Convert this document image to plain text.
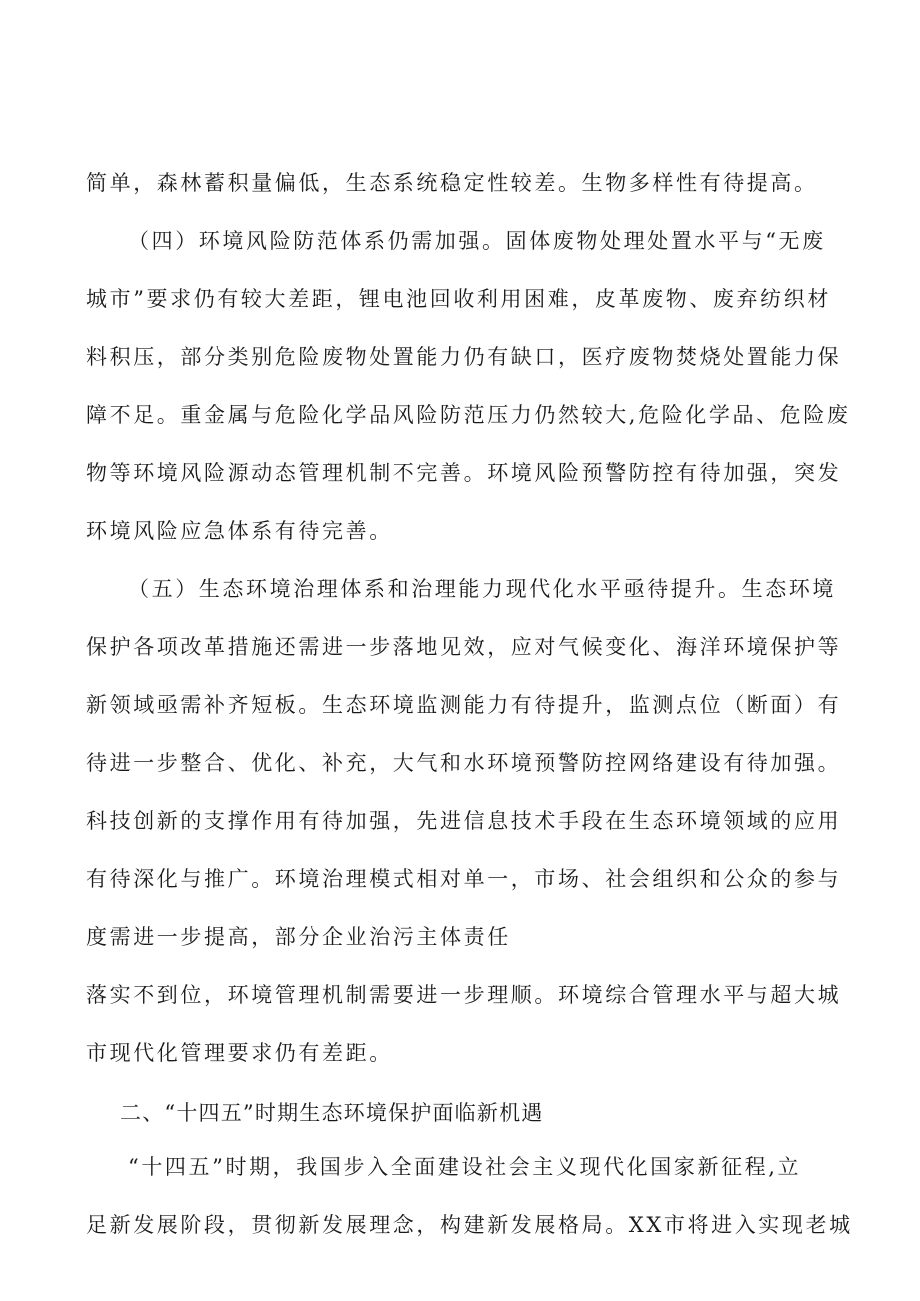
简单，森林蓄积量偏低，生态系统稳定性较差。生物多样性有待提高。
（四）环境风险防范体系仍需加强。固体废物处理处置水平与“无废
城市”要求仍有较大差距，锂电池回收利用困难，皮革废物、废弃纺织材
料积压，部分类别危险废物处置能力仍有缺口，医疗废物焚烧处置能力保
障不足。重金属与危险化学品风险防范压力仍然较大,危险化学品、危险废
物等环境风险源动态管理机制不完善。环境风险预警防控有待加强，突发
环境风险应急体系有待完善。
（五）生态环境治理体系和治理能力现代化水平亟待提升。生态环境
保护各项改革措施还需进一步落地见效，应对气候变化、海洋环境保护等
新领域亟需补齐短板。生态环境监测能力有待提升，监测点位（断面）有
待进一步整合、优化、补充，大气和水环境预警防控网络建设有待加强。
科技创新的支撑作用有待加强，先进信息技术手段在生态环境领域的应用
有待深化与推广。环境治理模式相对单一，市场、社会组织和公众的参与
度需进一步提高，部分企业治污主体责任
落实不到位，环境管理机制需要进一步理顺。环境综合管理水平与超大城
市现代化管理要求仍有差距。
二、“十四五”时期生态环境保护面临新机遇
“十四五”时期，我国步入全面建设社会主义现代化国家新征程,立
足新发展阶段，贯彻新发展理念，构建新发展格局。XX市将进入实现老城
